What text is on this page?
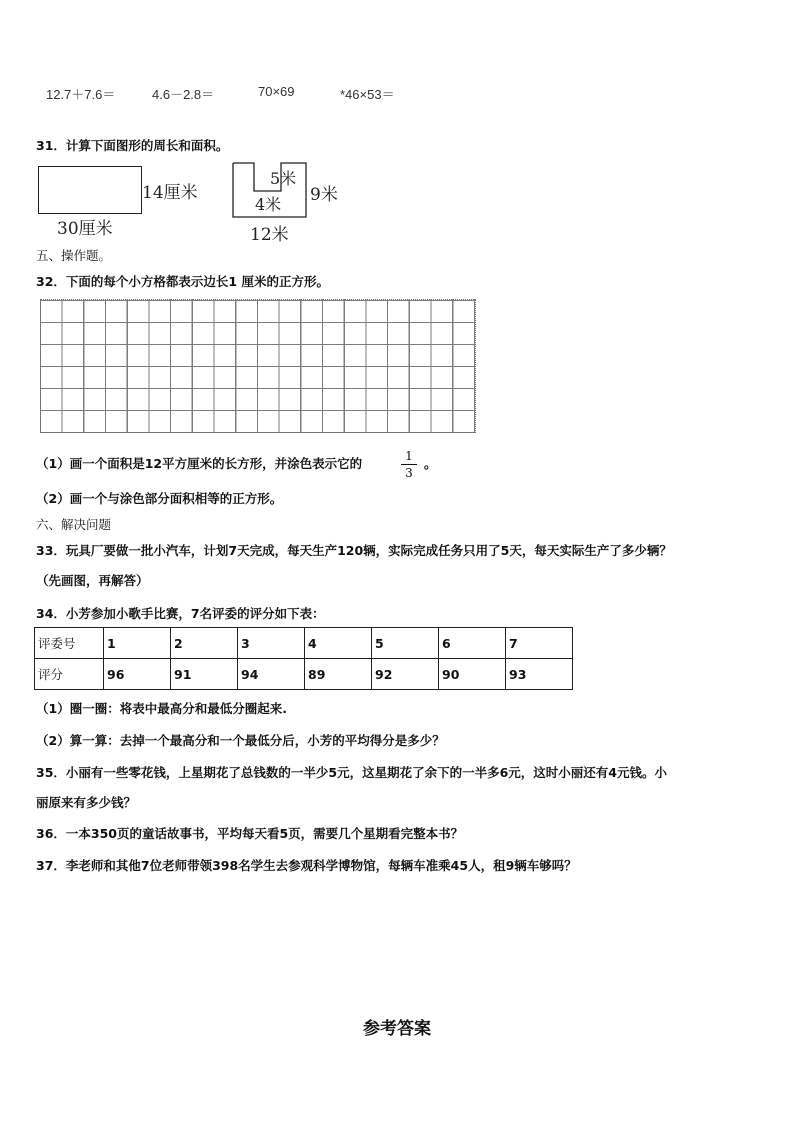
12.7＋7.6＝	4.6－2.8＝	70×69	*46×53＝
31．计算下面图形的周长和面积。
14厘米
30厘米
5米
4米 9米
12米
五、操作题。
32．下面的每个小方格都表示边长1 厘米的正方形。
（1）画一个面积是12平方厘米的长方形，并涂色表示它的	1
3
。
（2）画一个与涂色部分面积相等的正方形。
六、解决问题
33．玩具厂要做一批小汽车，计划7天完成，每天生产120辆，实际完成任务只用了5天，每天实际生产了多少辆？
（先画图，再解答）
34．小芳参加小歌手比赛，7名评委的评分如下表：
评委号	1	2	3	4	5	6	7
评分	96	91	94	89	92	90	93
（1）圈一圈：将表中最高分和最低分圈起来.
（2）算一算：去掉一个最高分和一个最低分后，小芳的平均得分是多少？
35．小丽有一些零花钱，上星期花了总钱数的一半少5元，这星期花了余下的一半多6元，这时小丽还有4元钱。小
丽原来有多少钱？
36．一本350页的童话故事书，平均每天看5页，需要几个星期看完整本书？
37．李老师和其他7位老师带领398名学生去参观科学博物馆，每辆车准乘45人，租9辆车够吗？
参考答案
